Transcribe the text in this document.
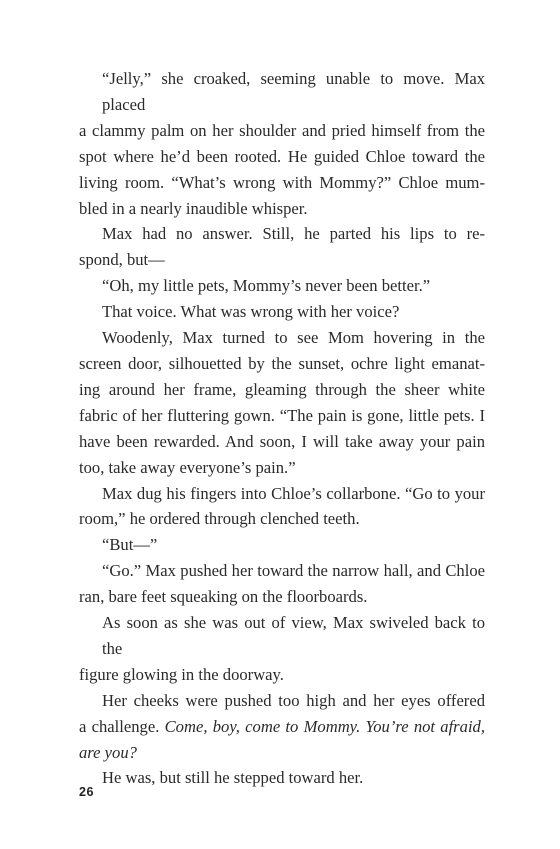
“Jelly,” she croaked, seeming unable to move. Max placed
a clammy palm on her shoulder and pried himself from the
spot where he’d been rooted. He guided Chloe toward the
living room. “What’s wrong with Mommy?” Chloe mum-
bled in a nearly inaudible whisper.
Max had no answer. Still, he parted his lips to re-
spond, but—
“Oh, my little pets, Mommy’s never been better.”
That voice. What was wrong with her voice?
Woodenly, Max turned to see Mom hovering in the
screen door, silhouetted by the sunset, ochre light emanat-
ing around her frame, gleaming through the sheer white
fabric of her fluttering gown. “The pain is gone, little pets. I
have been rewarded. And soon, I will take away your pain
too, take away everyone’s pain.”
Max dug his fingers into Chloe’s collarbone. “Go to your
room,” he ordered through clenched teeth.
“But—”
“Go.” Max pushed her toward the narrow hall, and Chloe
ran, bare feet squeaking on the floorboards.
As soon as she was out of view, Max swiveled back to the
figure glowing in the doorway.
Her cheeks were pushed too high and her eyes offered
a challenge. Come, boy, come to Mommy. You’re not afraid,
are you?
He was, but still he stepped toward her.
26
